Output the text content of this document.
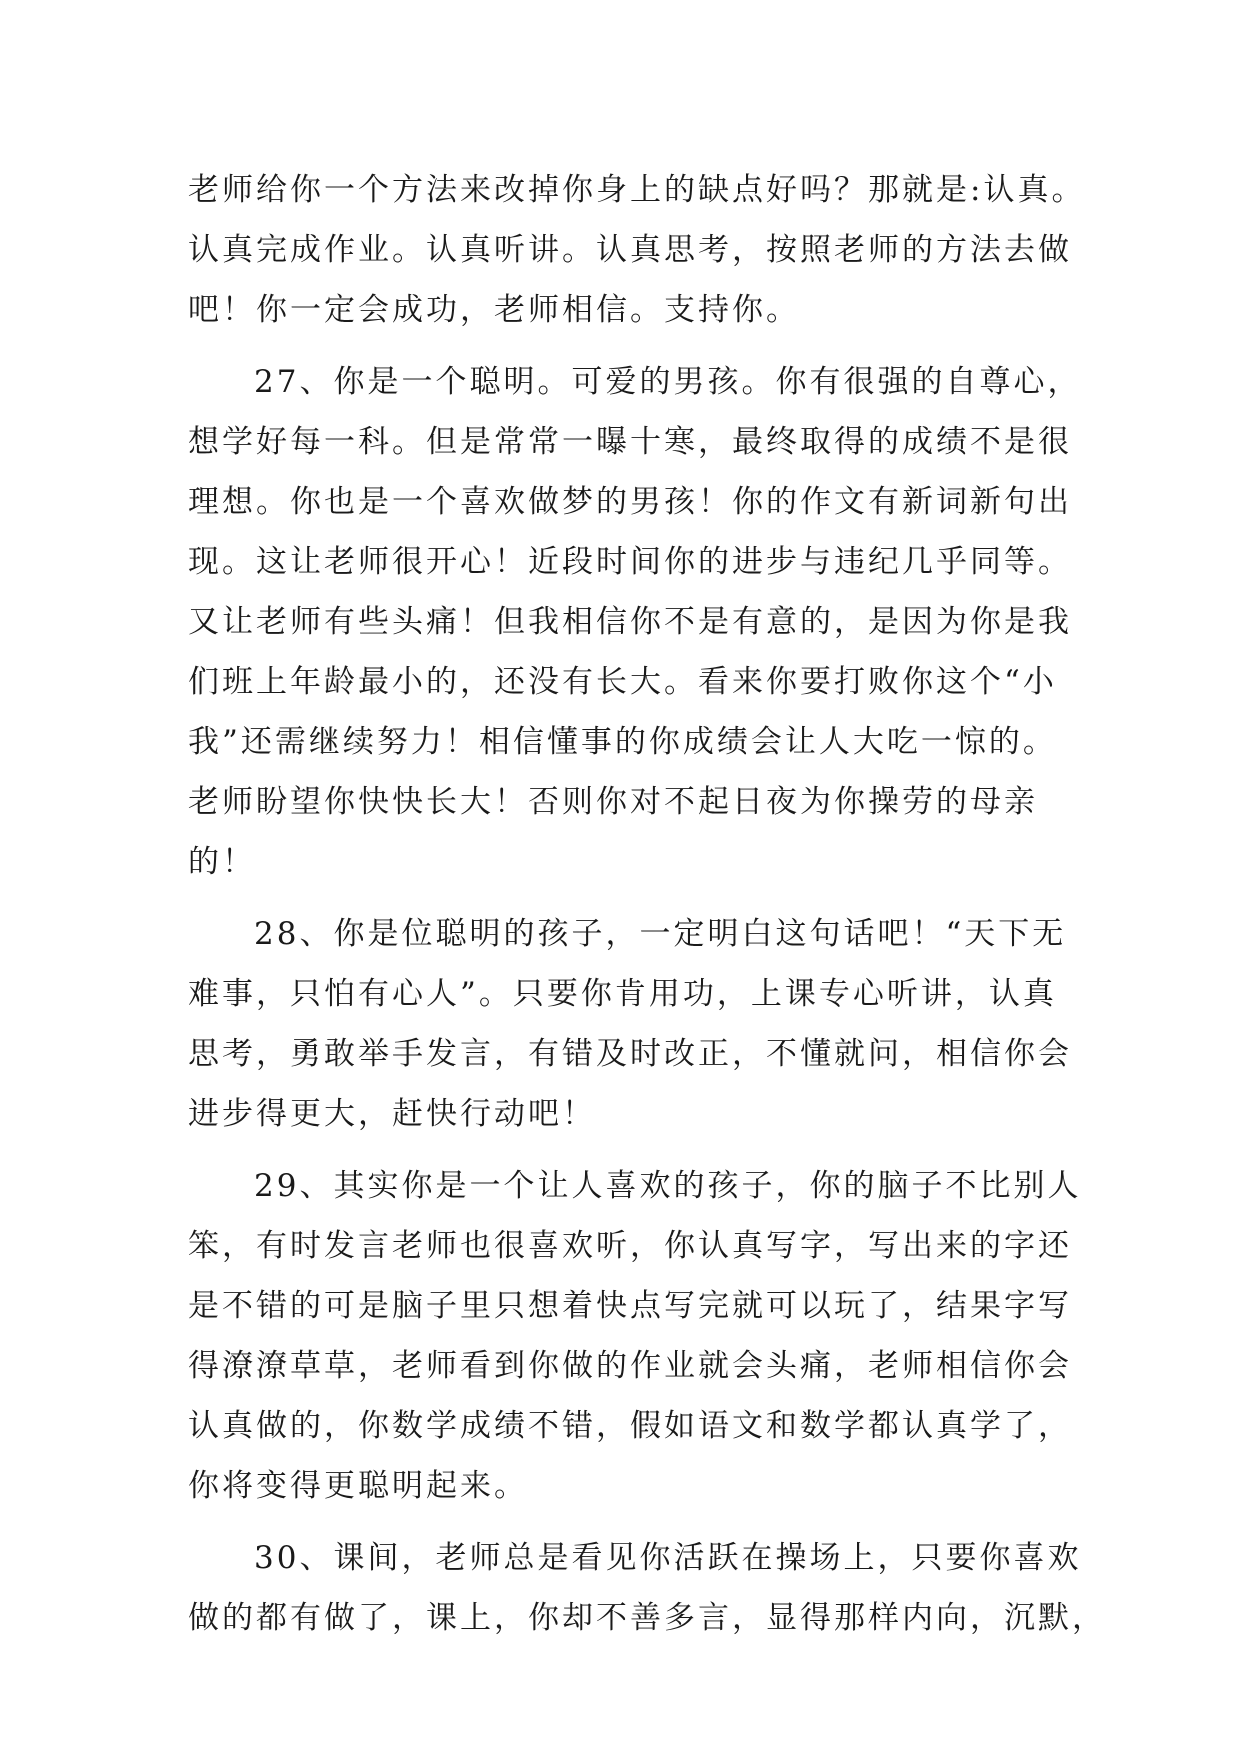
老师给你一个方法来改掉你身上的缺点好吗？那就是:认真。
认真完成作业。认真听讲。认真思考，按照老师的方法去做
吧！你一定会成功，老师相信。支持你。
27、你是一个聪明。可爱的男孩。你有很强的自尊心，
想学好每一科。但是常常一曝十寒，最终取得的成绩不是很
理想。你也是一个喜欢做梦的男孩！你的作文有新词新句出
现。这让老师很开心！近段时间你的进步与违纪几乎同等。
又让老师有些头痛！但我相信你不是有意的，是因为你是我
们班上年龄最小的，还没有长大。看来你要打败你这个“小
我”还需继续努力！相信懂事的你成绩会让人大吃一惊的。
老师盼望你快快长大！否则你对不起日夜为你操劳的母亲
的！
28、你是位聪明的孩子，一定明白这句话吧！“天下无
难事，只怕有心人”。只要你肯用功，上课专心听讲，认真
思考，勇敢举手发言，有错及时改正，不懂就问，相信你会
进步得更大，赶快行动吧！
29、其实你是一个让人喜欢的孩子，你的脑子不比别人
笨，有时发言老师也很喜欢听，你认真写字，写出来的字还
是不错的可是脑子里只想着快点写完就可以玩了，结果字写
得潦潦草草，老师看到你做的作业就会头痛，老师相信你会
认真做的，你数学成绩不错，假如语文和数学都认真学了，
你将变得更聪明起来。
30、课间，老师总是看见你活跃在操场上，只要你喜欢
做的都有做了，课上，你却不善多言，显得那样内向，沉默，
